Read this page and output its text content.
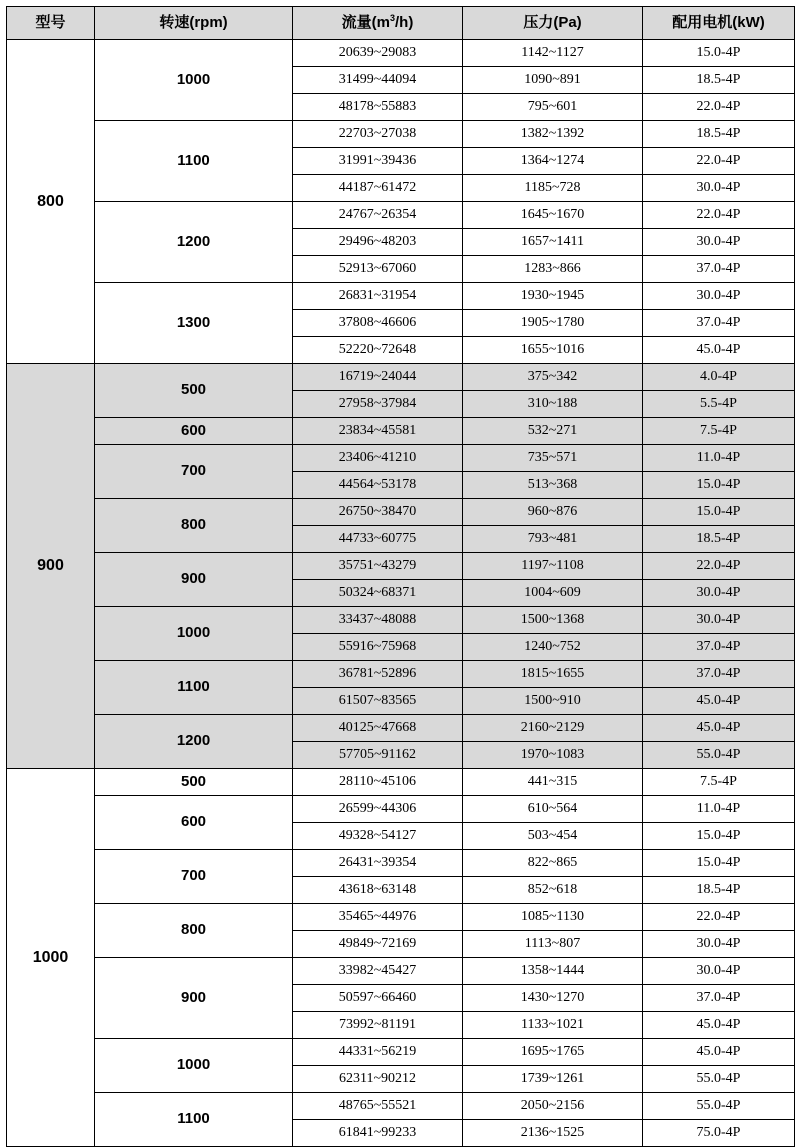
型号	转速(rpm)	流量$(m^3/h)$	压力(Pa)	配用电机(kW)
800	1000	20639~29083	1142~1127	15.0-4P
		31499~44094	1090~891	18.5-4P
		48178~55883	795~601	22.0-4P
	1100	22703~27038	1382~1392	18.5-4P
		31991~39436	1364~1274	22.0-4P
		44187~61472	1185~728	30.0-4P
	1200	24767~26354	1645~1670	22.0-4P
		29496~48203	1657~1411	30.0-4P
		52913~67060	1283~866	37.0-4P
	1300	26831~31954	1930~1945	30.0-4P
		37808~46606	1905~1780	37.0-4P
		52220~72648	1655~1016	45.0-4P
900	500	16719~24044	375~342	4.0-4P
		27958~37984	310~188	5.5-4P
	600	23834~45581	532~271	7.5-4P
	700	23406~41210	735~571	11.0-4P
		44564~53178	513~368	15.0-4P
	800	26750~38470	960~876	15.0-4P
		44733~60775	793~481	18.5-4P
	900	35751~43279	1197~1108	22.0-4P
		50324~68371	1004~609	30.0-4P
	1000	33437~48088	1500~1368	30.0-4P
		55916~75968	1240~752	37.0-4P
	1100	36781~52896	1815~1655	37.0-4P
		61507~83565	1500~910	45.0-4P
	1200	40125~47668	2160~2129	45.0-4P
		57705~91162	1970~1083	55.0-4P
1000	500	28110~45106	441~315	7.5-4P
	600	26599~44306	610~564	11.0-4P
		49328~54127	503~454	15.0-4P
	700	26431~39354	822~865	15.0-4P
		43618~63148	852~618	18.5-4P
	800	35465~44976	1085~1130	22.0-4P
		49849~72169	1113~807	30.0-4P
	900	33982~45427	1358~1444	30.0-4P
		50597~66460	1430~1270	37.0-4P
		73992~81191	1133~1021	45.0-4P
	1000	44331~56219	1695~1765	45.0-4P
		62311~90212	1739~1261	55.0-4P
	1100	48765~55521	2050~2156	55.0-4P
		61841~99233	2136~1525	75.0-4P
